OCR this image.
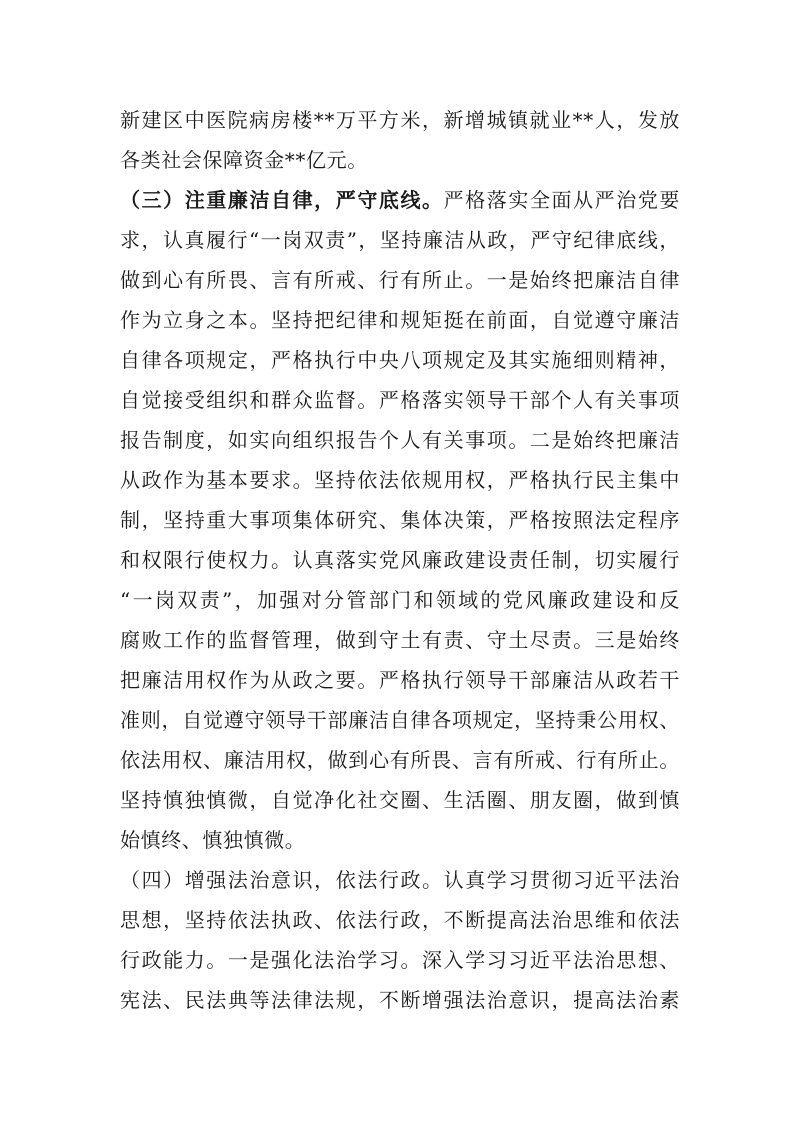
新建区中医院病房楼**万平方米，新增城镇就业**人，发放
各类社会保障资金**亿元。
（三）注重廉洁自律，严守底线。严格落实全面从严治党要
求，认真履行“一岗双责”，坚持廉洁从政，严守纪律底线，
做到心有所畏、言有所戒、行有所止。一是始终把廉洁自律
作为立身之本。坚持把纪律和规矩挺在前面，自觉遵守廉洁
自律各项规定，严格执行中央八项规定及其实施细则精神，
自觉接受组织和群众监督。严格落实领导干部个人有关事项
报告制度，如实向组织报告个人有关事项。二是始终把廉洁
从政作为基本要求。坚持依法依规用权，严格执行民主集中
制，坚持重大事项集体研究、集体决策，严格按照法定程序
和权限行使权力。认真落实党风廉政建设责任制，切实履行
“一岗双责”，加强对分管部门和领域的党风廉政建设和反
腐败工作的监督管理，做到守土有责、守土尽责。三是始终
把廉洁用权作为从政之要。严格执行领导干部廉洁从政若干
准则，自觉遵守领导干部廉洁自律各项规定，坚持秉公用权、
依法用权、廉洁用权，做到心有所畏、言有所戒、行有所止。
坚持慎独慎微，自觉净化社交圈、生活圈、朋友圈，做到慎
始慎终、慎独慎微。
（四）增强法治意识，依法行政。认真学习贯彻习近平法治
思想，坚持依法执政、依法行政，不断提高法治思维和依法
行政能力。一是强化法治学习。深入学习习近平法治思想、
宪法、民法典等法律法规，不断增强法治意识，提高法治素
